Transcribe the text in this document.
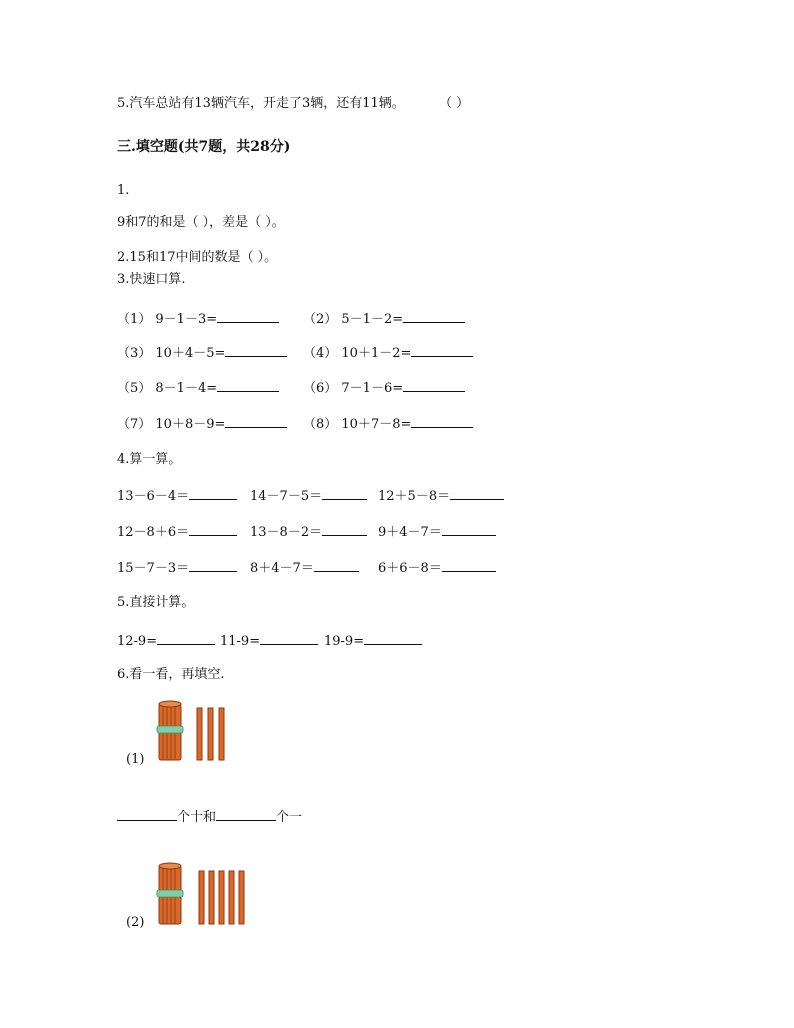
5.汽车总站有13辆汽车，开走了3辆，还有11辆。	（ ）
三.填空题(共7题，共28分)
1.
9和7的和是（ ），差是（ ）。
2.15和17中间的数是（ ）。
3.快速口算.
（1） 9－1－3=	（2） 5－1－2=
（3） 10＋4－5=	（4） 10＋1－2=
（5） 8－1－4=	（6） 7－1－6=
（7） 10＋8－9=	（8） 10＋7－8=
4.算一算。
13－6－4＝	14－7－5＝	12＋5－8＝
12－8＋6＝	13－8－2＝	9＋4－7＝
15－7－3＝	8＋4－7＝	6＋6－8＝
5.直接计算。
12-9=	11-9=	19-9=
6.看一看，再填空.
(1)
个十和	个一
(2)
